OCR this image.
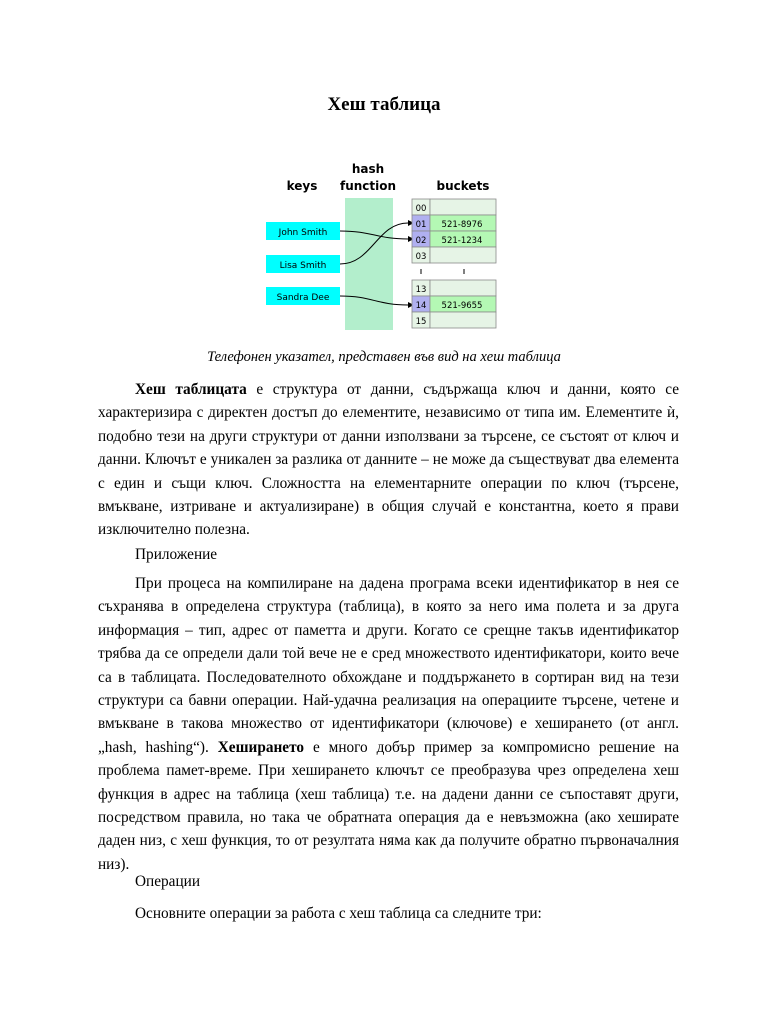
Хеш таблица
keys
hash
function	buckets
John Smith
Lisa Smith
Sandra Dee
00
01 521-8976
02 521-1234
03
13
14 521-9655
15
Телефонен указател, представен във вид на хеш таблица

Хеш таблицата е структура от данни, съдържаща ключ и данни, която се характеризира с директен достъп до елементите, независимо от типа им. Елементите ѝ, подобно тези на други структури от данни използвани за търсене, се състоят от ключ и данни. Ключът е уникален за разлика от данните – не може да съществуват два елемента с един и същи ключ. Сложността на елементарните операции по ключ (търсене, вмъкване, изтриване и актуализиране) в общия случай е константна, което я прави изключително полезна.

Приложение

При процеса на компилиране на дадена програма всеки идентификатор в нея се съхранява в определена структура (таблица), в която за него има полета и за друга информация – тип, адрес от паметта и други. Когато се срещне такъв идентификатор трябва да се определи дали той вече не е сред множеството идентификатори, които вече са в таблицата. Последователното обхождане и поддържането в сортиран вид на тези структури са бавни операции. Най-удачна реализация на операциите търсене, четене и вмъкване в такова множество от идентификатори (ключове) е хеширането (от англ. „hash, hashing“). Хеширането е много добър пример за компромисно решение на проблема памет-време. При хеширането ключът се преобразува чрез определена хеш функция в адрес на таблица (хеш таблица) т.е. на дадени данни се съпоставят други, посредством правила, но така че обратната операция да е невъзможна (ако хеширате даден низ, с хеш функция, то от резултата няма как да получите обратно първоначалния низ).

Операции

Основните операции за работа с хеш таблица са следните три:
